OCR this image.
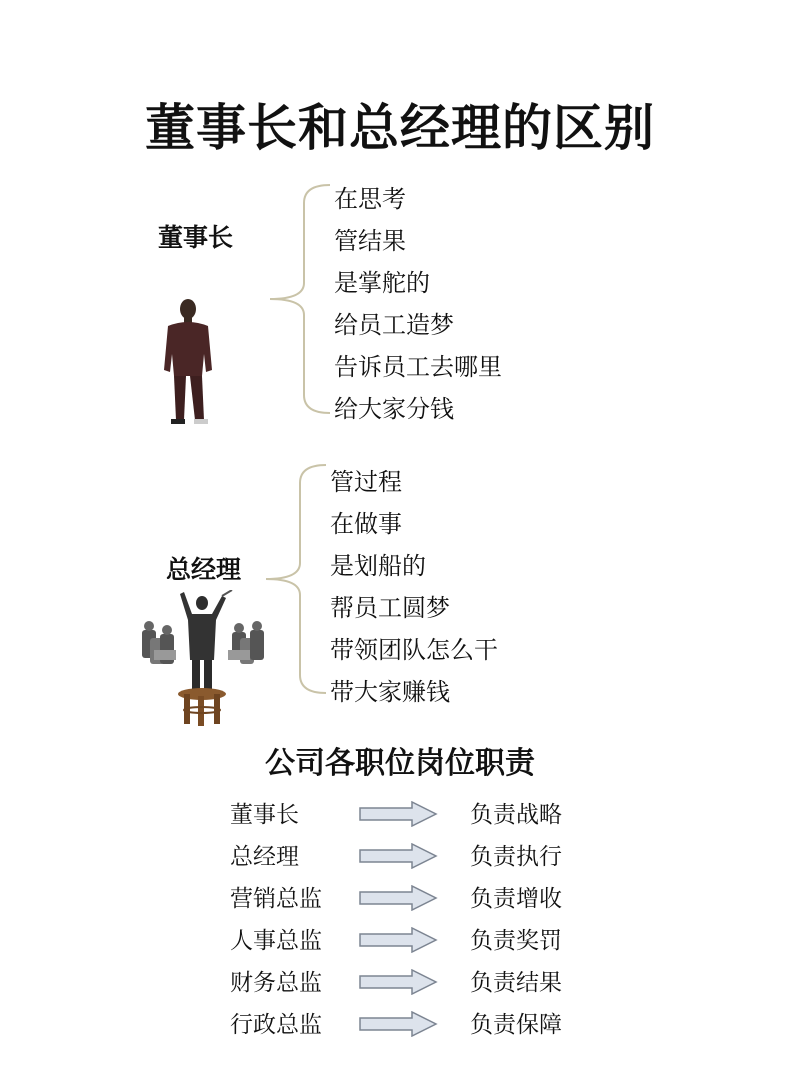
董事长和总经理的区别
董事长
在思考
管结果
是掌舵的
给员工造梦
告诉员工去哪里
给大家分钱
总经理
管过程
在做事
是划船的
帮员工圆梦
带领团队怎么干
带大家赚钱
公司各职位岗位职责
董事长	负责战略
总经理	负责执行
营销总监	负责增收
人事总监	负责奖罚
财务总监	负责结果
行政总监	负责保障
